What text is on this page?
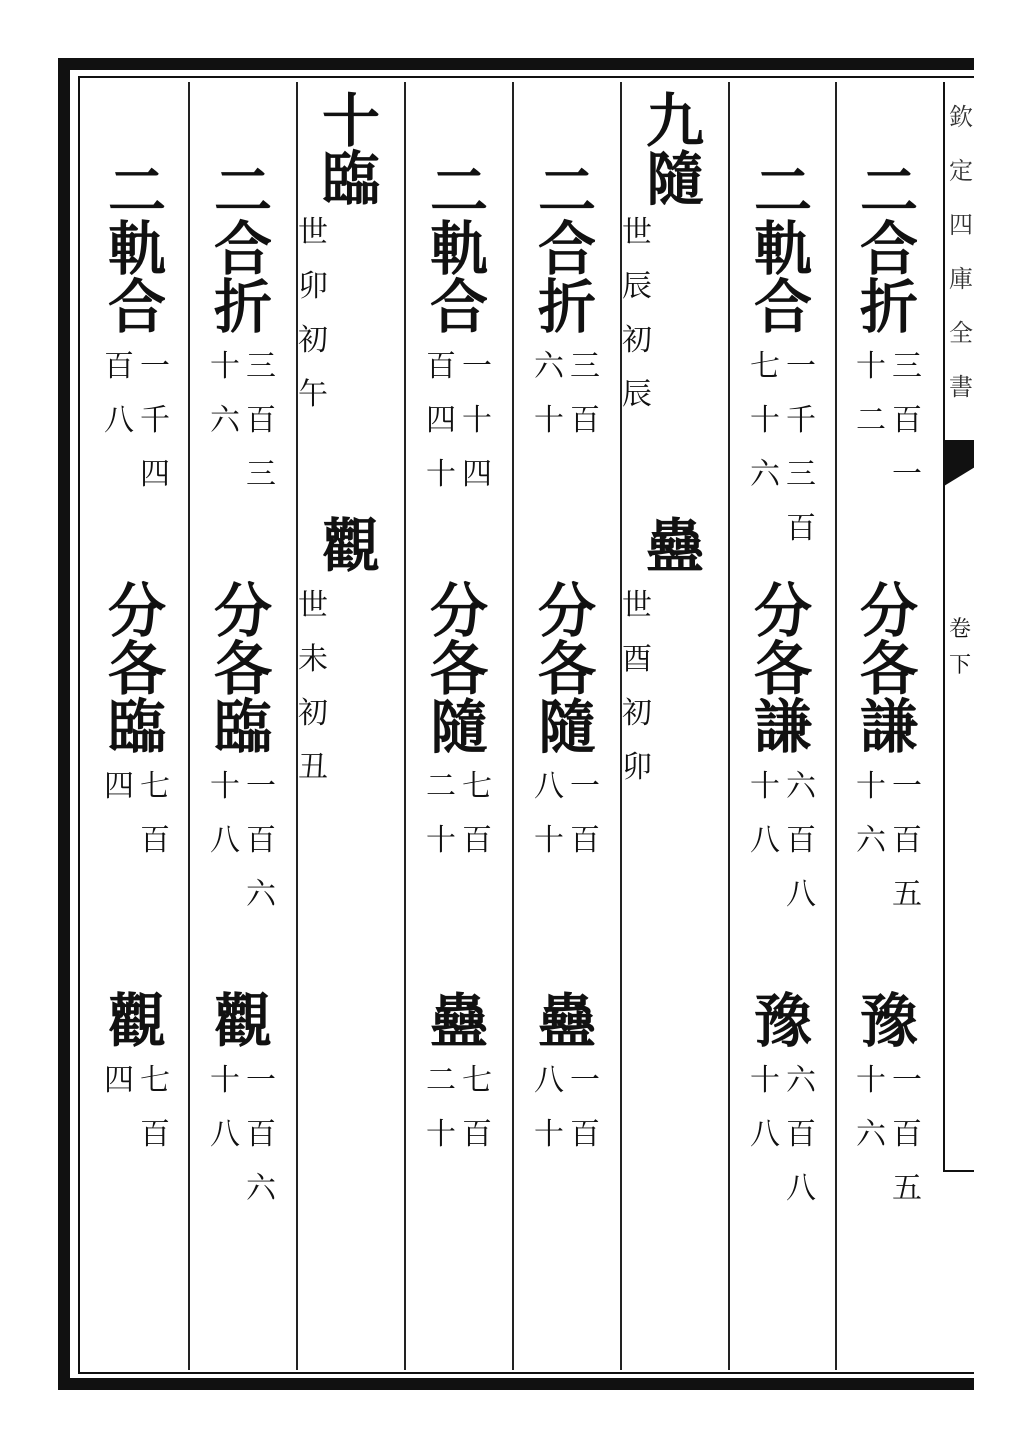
二
合
折
三
百
一
十
二
分
各
謙
一
百
五
十
六
豫
一
百
五
十
六
二
軌
合
一
千
三
百
七
十
六
分
各
謙
六
百
八
十
八
豫
六
百
八
十
八
九
隨
世
辰
初
辰
蠱
世
酉
初
卯
二
合
折
三
百
六
十
分
各
隨
一
百
八
十
蠱
一
百
八
十
二
軌
合
一
十
四
百
四
十
分
各
隨
七
百
二
十
蠱
七
百
二
十
十
臨
世
卯
初
午
觀
世
未
初
丑
二
合
折
三
百
三
十
六
分
各
臨
一
百
六
十
八
觀
一
百
六
十
八
二
軌
合
一
千
四
百
八
分
各
臨
七
百
四
觀
七
百
四
欽
定
四
庫
全
書
卷
下
